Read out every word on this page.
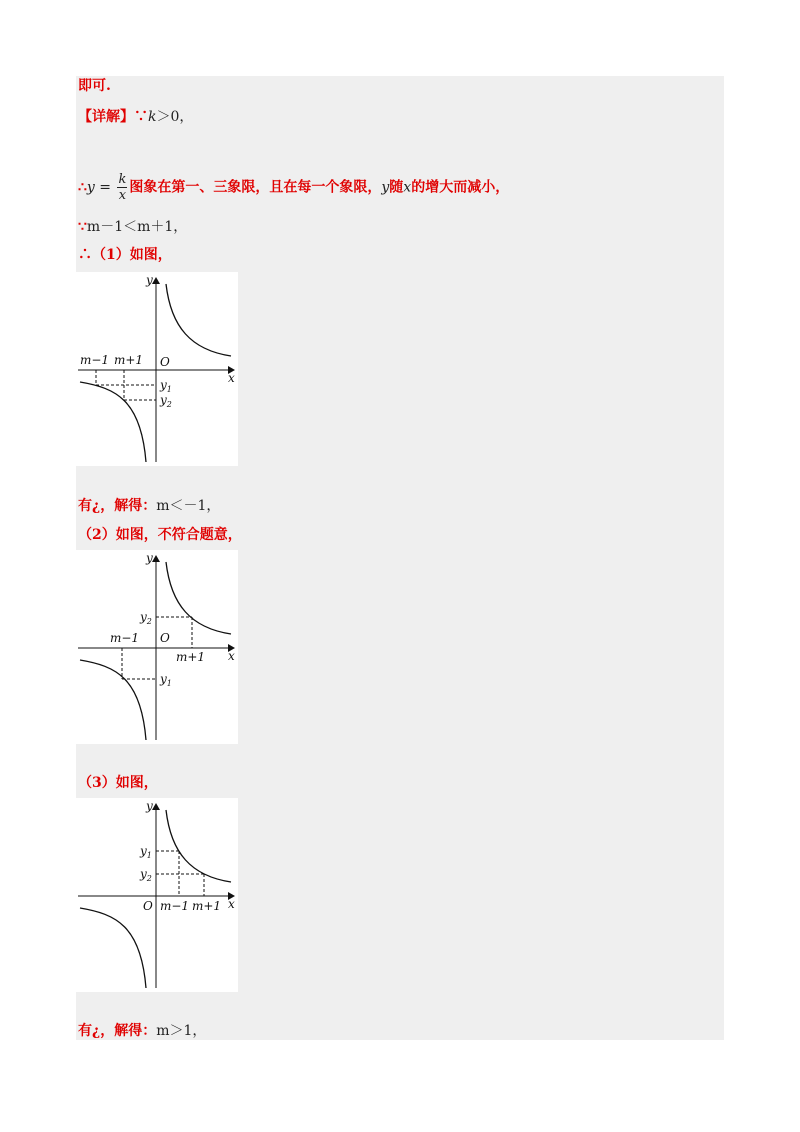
即可.
【详解】∵k＞0，
∴y = $\frac{k}{x}$ 图象在第一、三象限，且在每一个象限，y随x的增大而减小，
∵m－1＜m＋1，
∴（1）如图，
y
x
O
m−1 m+1
$y_1$
$y_2$
有¿，解得：m＜－1，
（2）如图，不符合题意，
y
x
O
m−1
m+1
$y_2$
$y_1$
（3）如图，
y
x
O m−1 m+1
$y_1$
$y_2$
有¿，解得：m＞1，
